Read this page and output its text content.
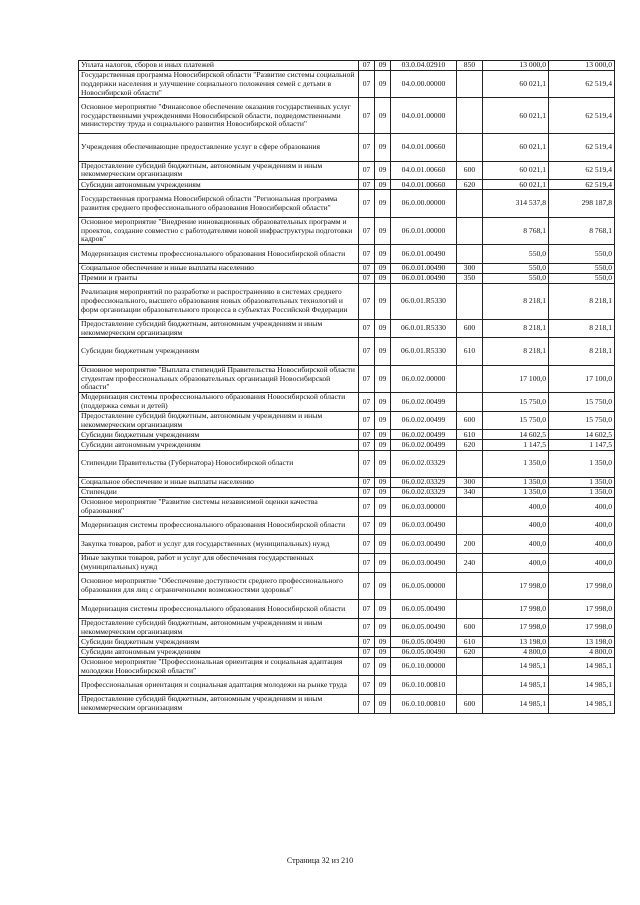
Уплата налогов, сборов и иных платежей	07	09	03.0.04.02910	850	13 000,0	13 000,0
Государственная программа Новосибирской области "Развитие системы социальной поддержки населения и улучшение социального положения семей с детьми в Новосибирской области"	07	09	04.0.00.00000		60 021,1	62 519,4
Основное мероприятие "Финансовое обеспечение оказания государственных услуг государственными учреждениями Новосибирской области, подведомственными министерству труда и социального развития Новосибирской области"	07	09	04.0.01.00000		60 021,1	62 519,4
Учреждения обеспечивающие предоставление услуг в сфере образования	07	09	04.0.01.00660		60 021,1	62 519,4
Предоставление субсидий бюджетным, автономным учреждениям и иным некоммерческим организациям	07	09	04.0.01.00660	600	60 021,1	62 519,4
Субсидии автономным учреждениям	07	09	04.0.01.00660	620	60 021,1	62 519,4
Государственная программа Новосибирской области "Региональная программа развития среднего профессионального образования Новосибирской области"	07	09	06.0.00.00000		314 537,8	298 187,8
Основное мероприятие "Внедрение инновационных образовательных программ и проектов, создание совместно с работодателями новой инфраструктуры подготовки кадров"	07	09	06.0.01.00000		8 768,1	8 768,1
Модернизация системы профессионального образования Новосибирской области	07	09	06.0.01.00490		550,0	550,0
Социальное обеспечение и иные выплаты населению	07	09	06.0.01.00490	300	550,0	550,0
Премии и гранты	07	09	06.0.01.00490	350	550,0	550,0
Реализация мероприятий по разработке и распространению в системах среднего профессионального, высшего образования новых образовательных технологий и форм организации образовательного процесса в субъектах Российской Федерации	07	09	06.0.01.R5330		8 218,1	8 218,1
Предоставление субсидий бюджетным, автономным учреждениям и иным некоммерческим организациям	07	09	06.0.01.R5330	600	8 218,1	8 218,1
Субсидии бюджетным учреждениям	07	09	06.0.01.R5330	610	8 218,1	8 218,1
Основное мероприятие "Выплата стипендий Правительства Новосибирской области студентам профессиональных образовательных организаций Новосибирской области"	07	09	06.0.02.00000		17 100,0	17 100,0
Модернизация системы профессионального образования Новосибирской области (поддержка семьи и детей)	07	09	06.0.02.00499		15 750,0	15 750,0
Предоставление субсидий бюджетным, автономным учреждениям и иным некоммерческим организациям	07	09	06.0.02.00499	600	15 750,0	15 750,0
Субсидии бюджетным учреждениям	07	09	06.0.02.00499	610	14 602,5	14 602,5
Субсидии автономным учреждениям	07	09	06.0.02.00499	620	1 147,5	1 147,5
Стипендии Правительства (Губернатора) Новосибирской области	07	09	06.0.02.03329		1 350,0	1 350,0
Социальное обеспечение и иные выплаты населению	07	09	06.0.02.03329	300	1 350,0	1 350,0
Стипендии	07	09	06.0.02.03329	340	1 350,0	1 350,0
Основное мероприятие "Развитие системы независимой оценки качества образования"	07	09	06.0.03.00000		400,0	400,0
Модернизация системы профессионального образования Новосибирской области	07	09	06.0.03.00490		400,0	400,0
Закупка товаров, работ и услуг для государственных (муниципальных) нужд	07	09	06.0.03.00490	200	400,0	400,0
Иные закупки товаров, работ и услуг для обеспечения государственных (муниципальных) нужд	07	09	06.0.03.00490	240	400,0	400,0
Основное мероприятие "Обеспечение доступности среднего профессионального образования для лиц с ограниченными возможностями здоровья"	07	09	06.0.05.00000		17 998,0	17 998,0
Модернизация системы профессионального образования Новосибирской области	07	09	06.0.05.00490		17 998,0	17 998,0
Предоставление субсидий бюджетным, автономным учреждениям и иным некоммерческим организациям	07	09	06.0.05.00490	600	17 998,0	17 998,0
Субсидии бюджетным учреждениям	07	09	06.0.05.00490	610	13 198,0	13 198,0
Субсидии автономным учреждениям	07	09	06.0.05.00490	620	4 800,0	4 800,0
Основное мероприятие "Профессиональная ориентация и социальная адаптация молодежи Новосибирской области"	07	09	06.0.10.00000		14 985,1	14 985,1
Профессиональная ориентация и социальная адаптация молодежи на рынке труда	07	09	06.0.10.00810		14 985,1	14 985,1
Предоставление субсидий бюджетным, автономным учреждениям и иным некоммерческим организациям	07	09	06.0.10.00810	600	14 985,1	14 985,1
Страница 32 из 210
